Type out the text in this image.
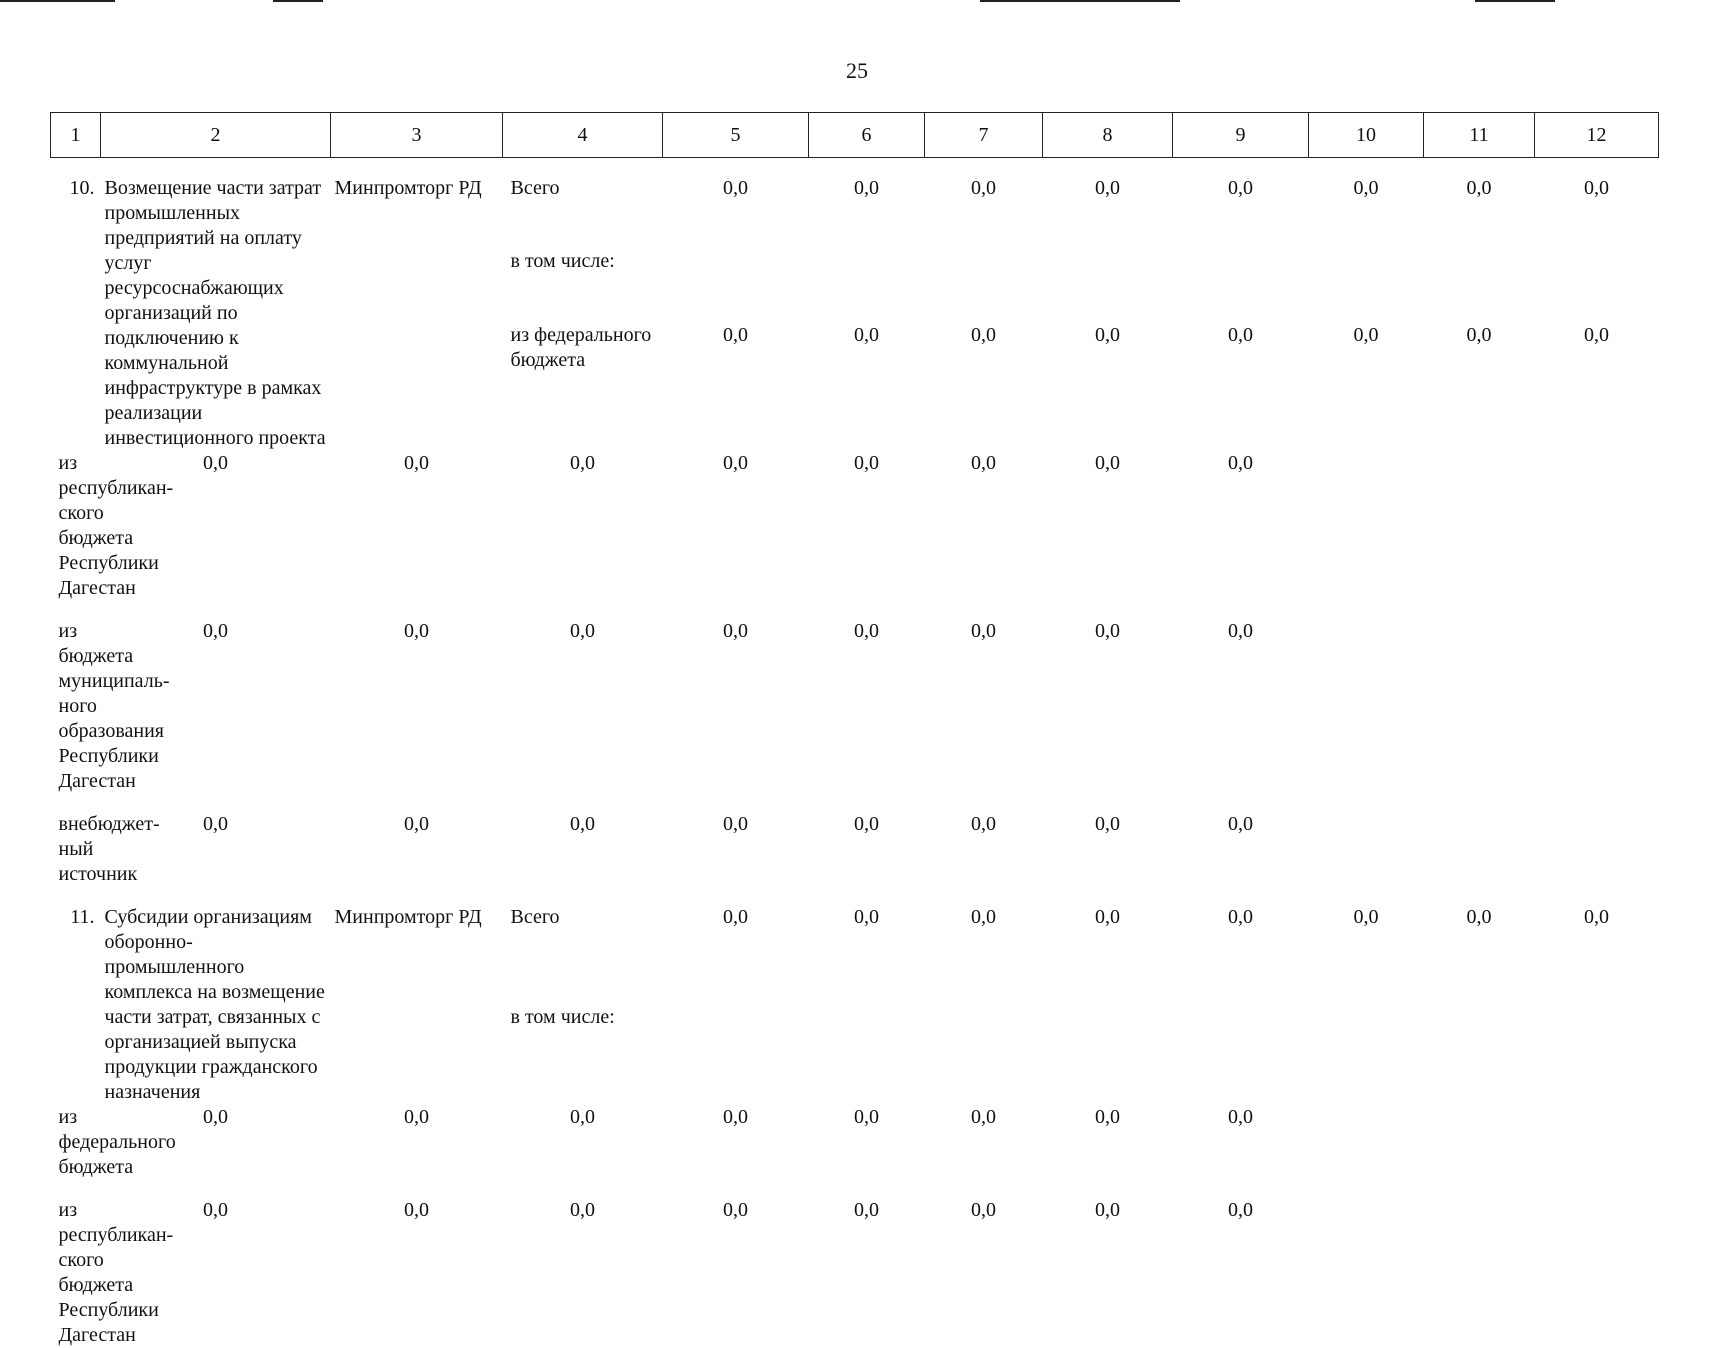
25
1	2	3	4	5	6	7	8	9	10	11	12

10.	Возмещение части затрат промышленных предприятий на оплату услуг ресурсоснабжающих организаций по подключению к коммунальной инфраструктуре в рамках реализации инвестиционного проекта	Минпромторг РД	Всего	0,0	0,0	0,0	0,0	0,0	0,0	0,0	0,0

			в том числе:								

			из федерального бюджета	0,0	0,0	0,0	0,0	0,0	0,0	0,0	0,0

из республикан-ского бюджета Республики Дагестан	0,0	0,0	0,0	0,0	0,0	0,0	0,0	0,0			

из бюджета муниципаль-ного образования Республики Дагестан	0,0	0,0	0,0	0,0	0,0	0,0	0,0	0,0			

внебюджет-ный источник	0,0	0,0	0,0	0,0	0,0	0,0	0,0	0,0			

11.	Субсидии организациям оборонно-промышленного комплекса на возмещение части затрат, связанных с организацией выпуска продукции гражданского назначения	Минпромторг РД	Всего	0,0	0,0	0,0	0,0	0,0	0,0	0,0	0,0

			в том числе:								

из федерального бюджета	0,0	0,0	0,0	0,0	0,0	0,0	0,0	0,0			

из республикан-ского бюджета Республики Дагестан	0,0	0,0	0,0	0,0	0,0	0,0	0,0	0,0			
